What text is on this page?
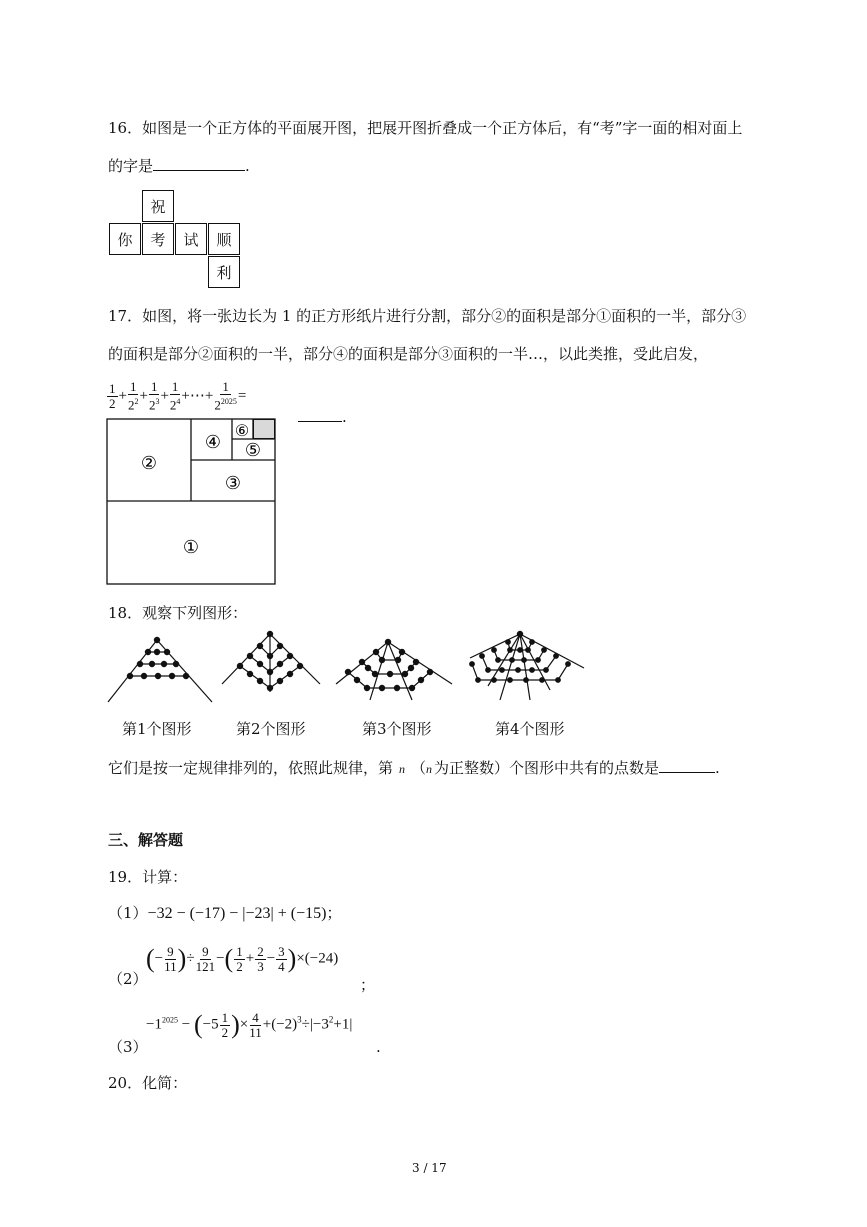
16．如图是一个正方体的平面展开图，把展开图折叠成一个正方体后，有“考”字一面的相对面上
的字是	.
祝
你	考	试	顺
利
17．如图，将一张边长为 1 的正方形纸片进行分割，部分②的面积是部分①面积的一半，部分③
的面积是部分②面积的一半，部分④的面积是部分③面积的一半…，以此类推，受此启发，
$\frac{1}{2} + \frac{1}{2^2} + \frac{1}{2^3} + \frac{1}{2^4}$ +⋯+ $\frac{1}{2^{2025}}$ =
.
②
①
③
④ ⑤
⑥
18．观察下列图形：
第1个图形	第2个图形	第3个图形	第4个图形
它们是按一定规律排列的，依照此规律，第 n （n 为正整数）个图形中共有的点数是	.
三、解答题
19．计算：
（1）−32 − (−17) − |−23| + (−15)；
（2）
(− $\frac{9}{11}$ )÷ $\frac{9}{121}$ −( $\frac{1}{2} + \frac{2}{3} - \frac{3}{4} )\times(-24)$
；
（3）
$-1^{2025} - (-5 \frac{1}{2}$ )× $\frac{4}{11} +(-2)^3\div|-3^2+1|$
.
20．化简：
3 / 17
